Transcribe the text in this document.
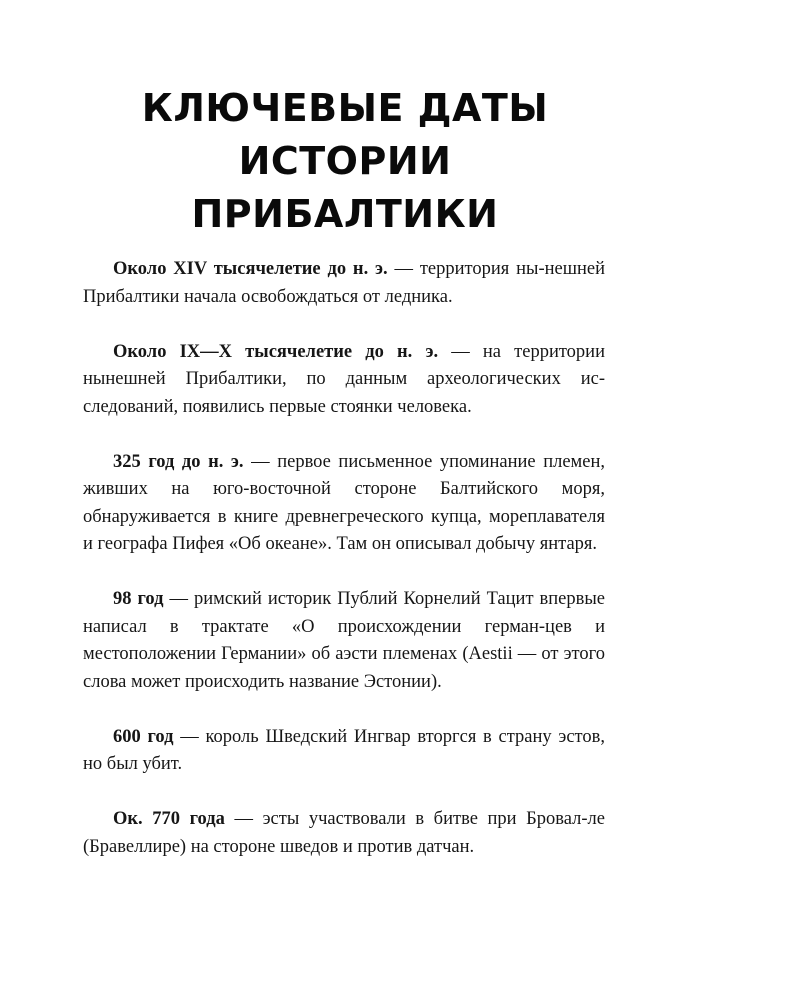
КЛЮЧЕВЫЕ ДАТЫ
ИСТОРИИ
ПРИБАЛТИКИ

Около XIV тысячелетие до н. э. — территория ны-нешней Прибалтики начала освобождаться от ледника.

Около IX—X тысячелетие до н. э. — на территории нынешней Прибалтики, по данным археологических ис-следований, появились первые стоянки человека.

325 год до н. э. — первое письменное упоминание племен, живших на юго-восточной стороне Балтийского моря, обнаруживается в книге древнегреческого купца, мореплавателя и географа Пифея «Об океане». Там он описывал добычу янтаря.

98 год — римский историк Публий Корнелий Тацит впервые написал в трактате «О происхождении герман-цев и местоположении Германии» об аэсти племенах (Aestii — от этого слова может происходить название Эстонии).

600 год — король Шведский Ингвар вторгся в страну эстов, но был убит.

Ок. 770 года — эсты участвовали в битве при Бровал-ле (Бравеллире) на стороне шведов и против датчан.
